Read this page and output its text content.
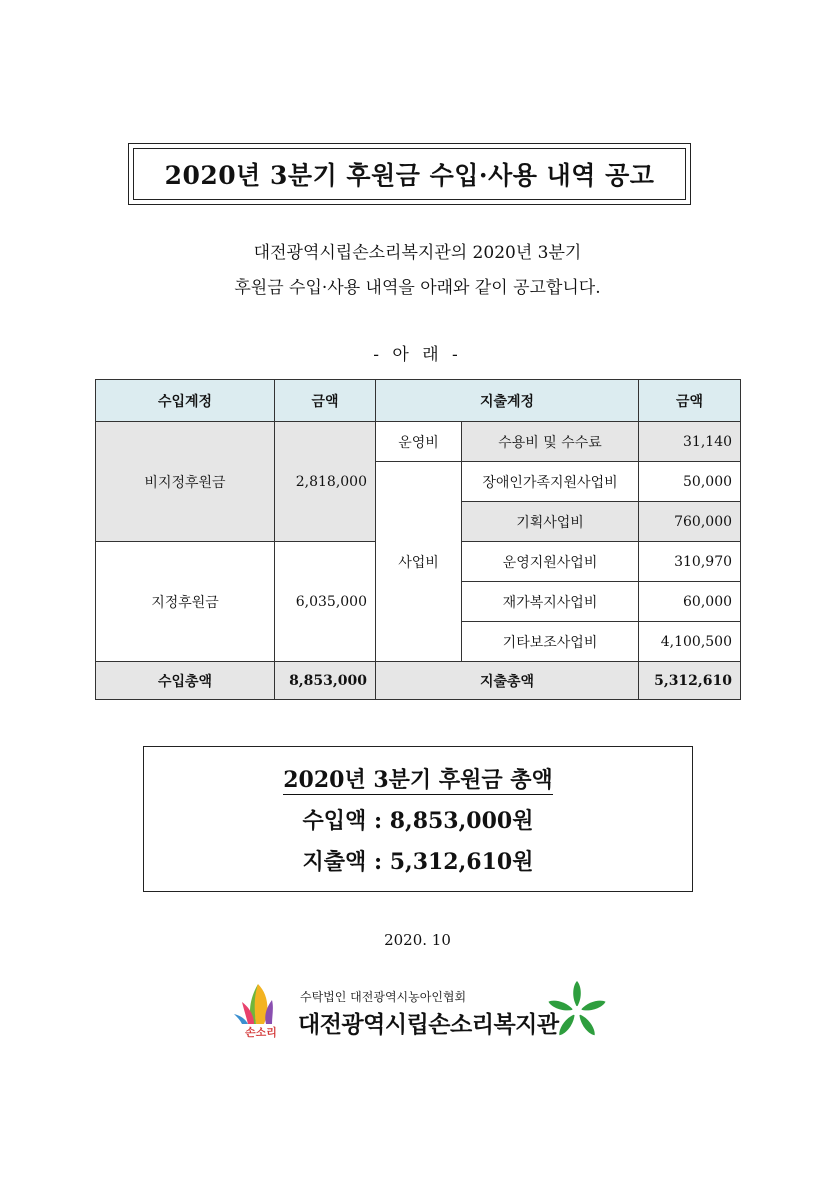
2020년 3분기 후원금 수입·사용 내역 공고
대전광역시립손소리복지관의 2020년 3분기
후원금 수입·사용 내역을 아래와 같이 공고합니다.
- 아 래 -
수입계정	금액	지출계정		금액
비지정후원금	2,818,000	운영비	수용비 및 수수료	31,140
		사업비	장애인가족지원사업비	50,000
			기획사업비	760,000
지정후원금	6,035,000		운영지원사업비	310,970
			재가복지사업비	60,000
			기타보조사업비	4,100,500
수입총액	8,853,000	지출총액		5,312,610
2020년 3분기 후원금 총액
수입액 : 8,853,000원
지출액 : 5,312,610원
2020. 10
손소리
수탁법인 대전광역시농아인협회
대전광역시립손소리복지관
